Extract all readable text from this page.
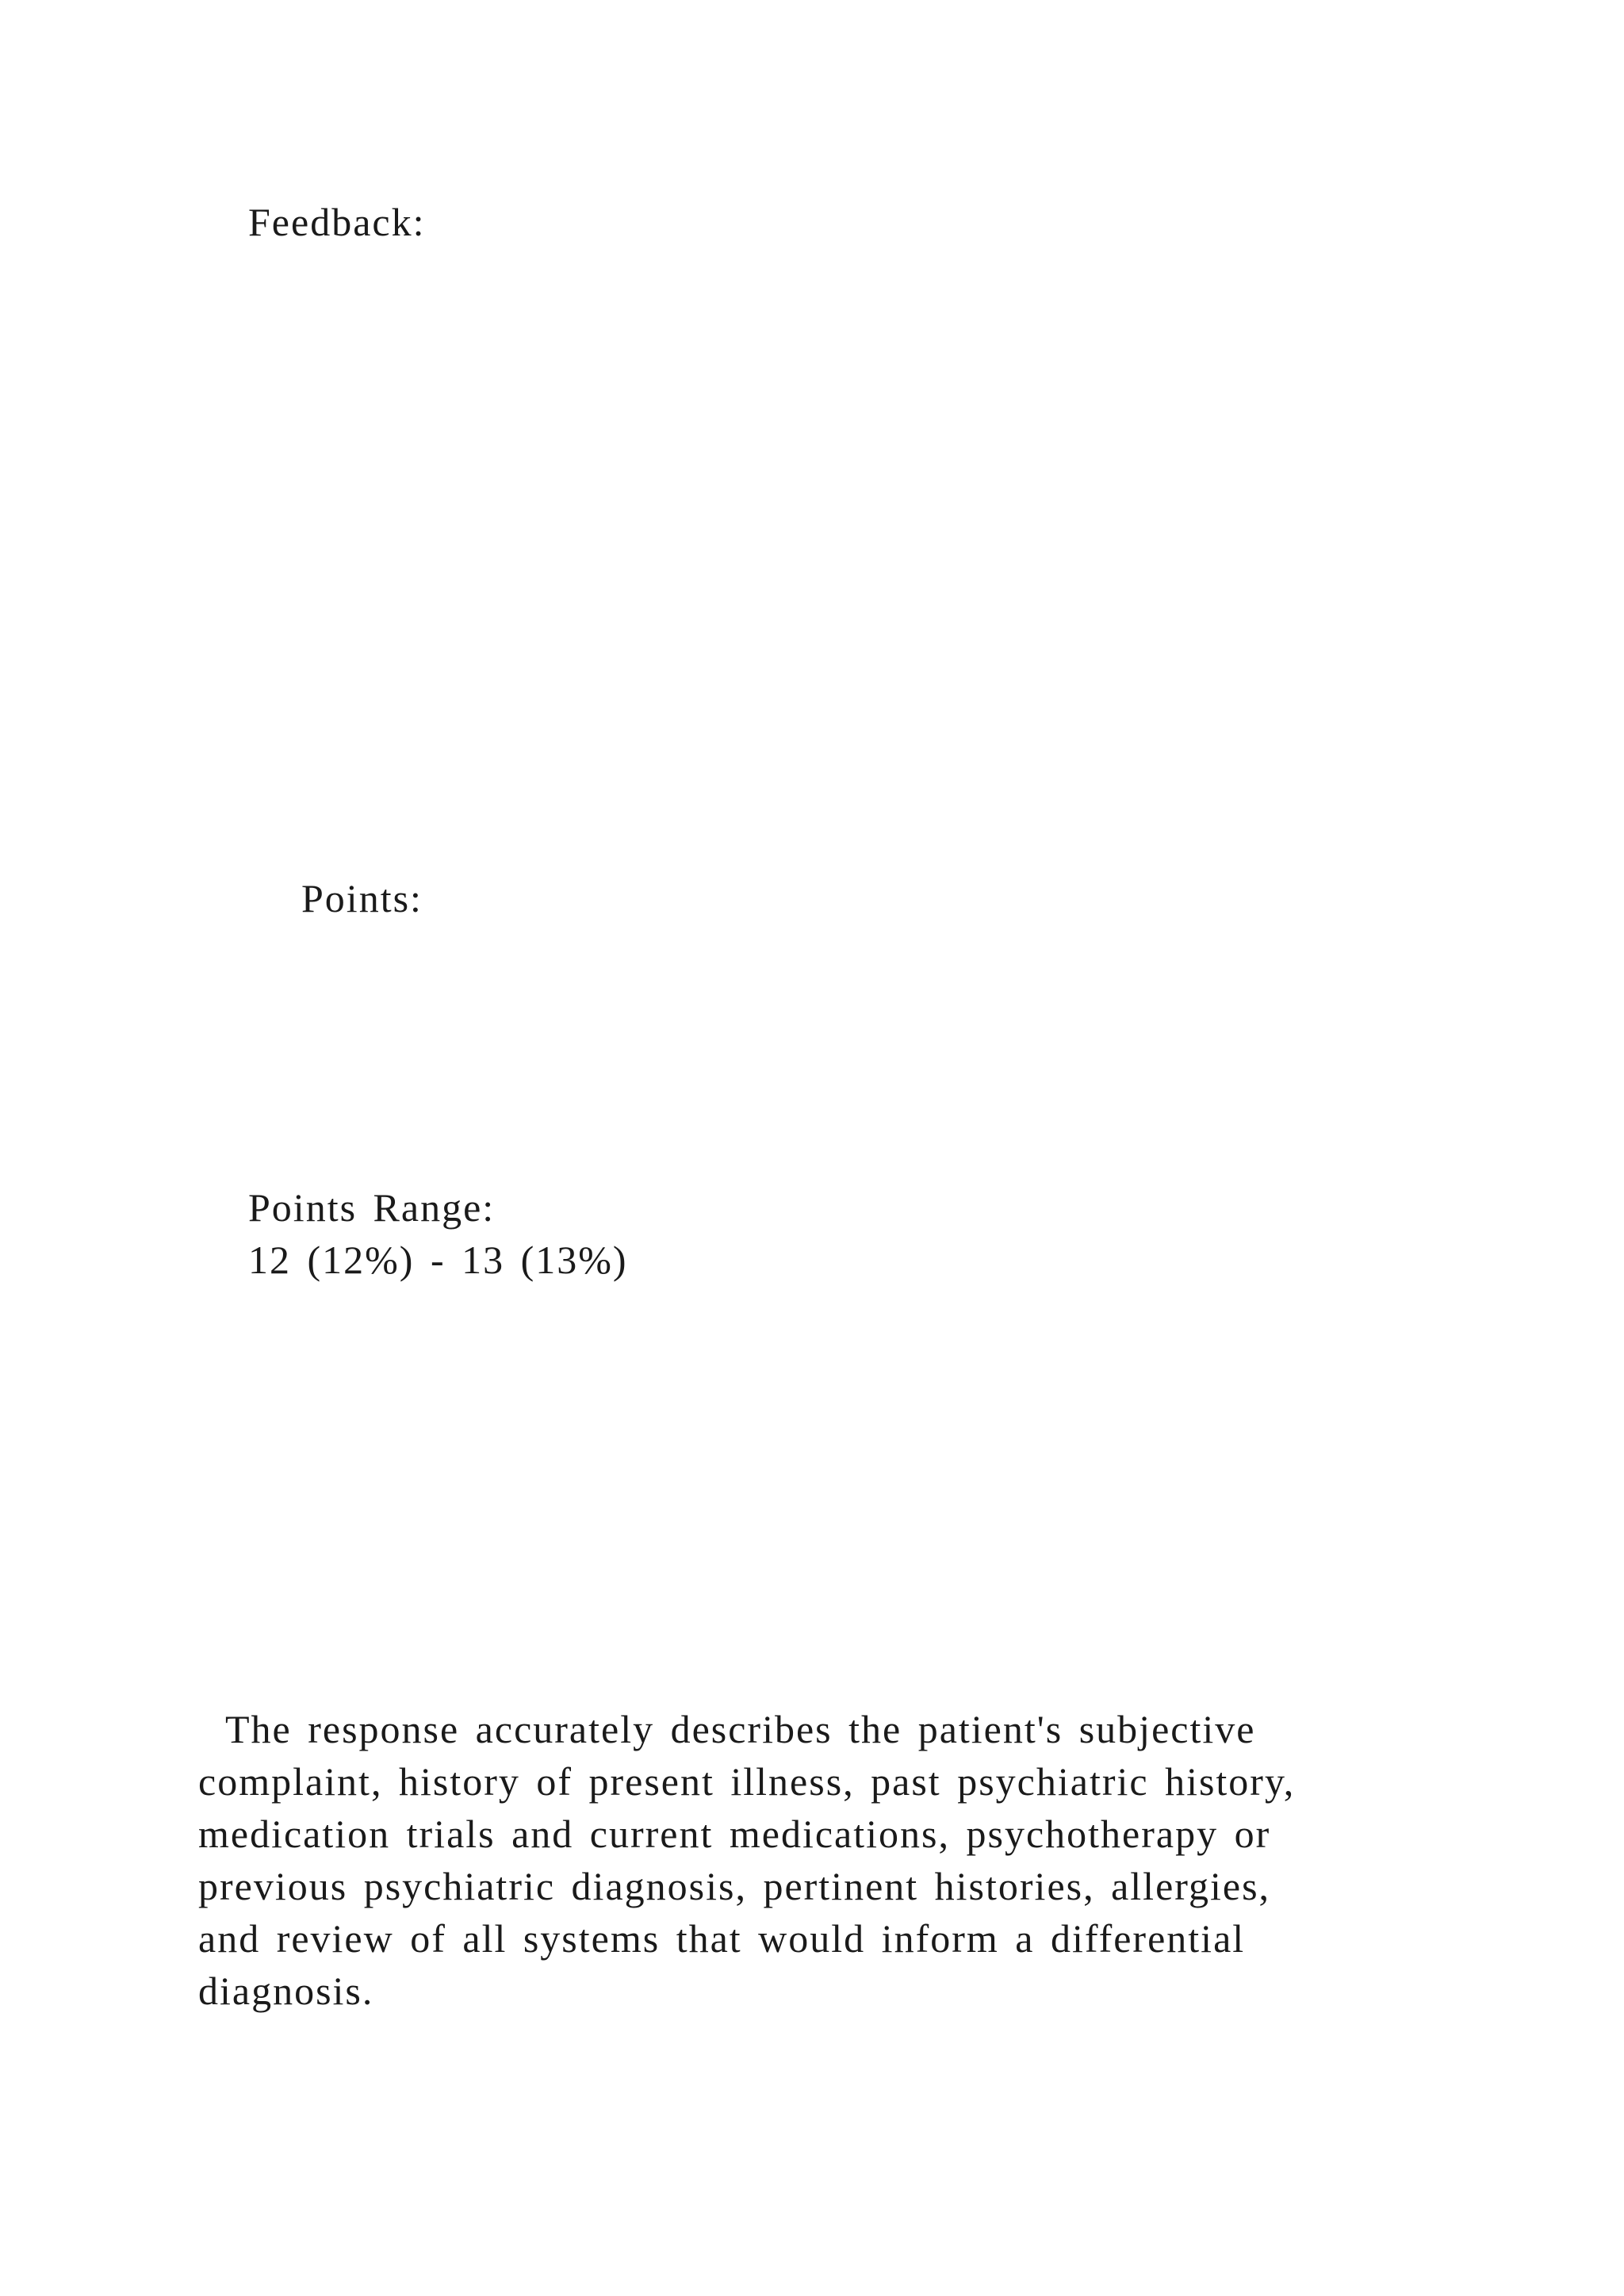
Feedback:

Points:

Points Range:

12 (12%) - 13 (13%)

The response accurately describes the patient's subjective
complaint, history of present illness, past psychiatric history,
medication trials and current medications, psychotherapy or
previous psychiatric diagnosis, pertinent histories, allergies,
and review of all systems that would inform a differential
diagnosis.
